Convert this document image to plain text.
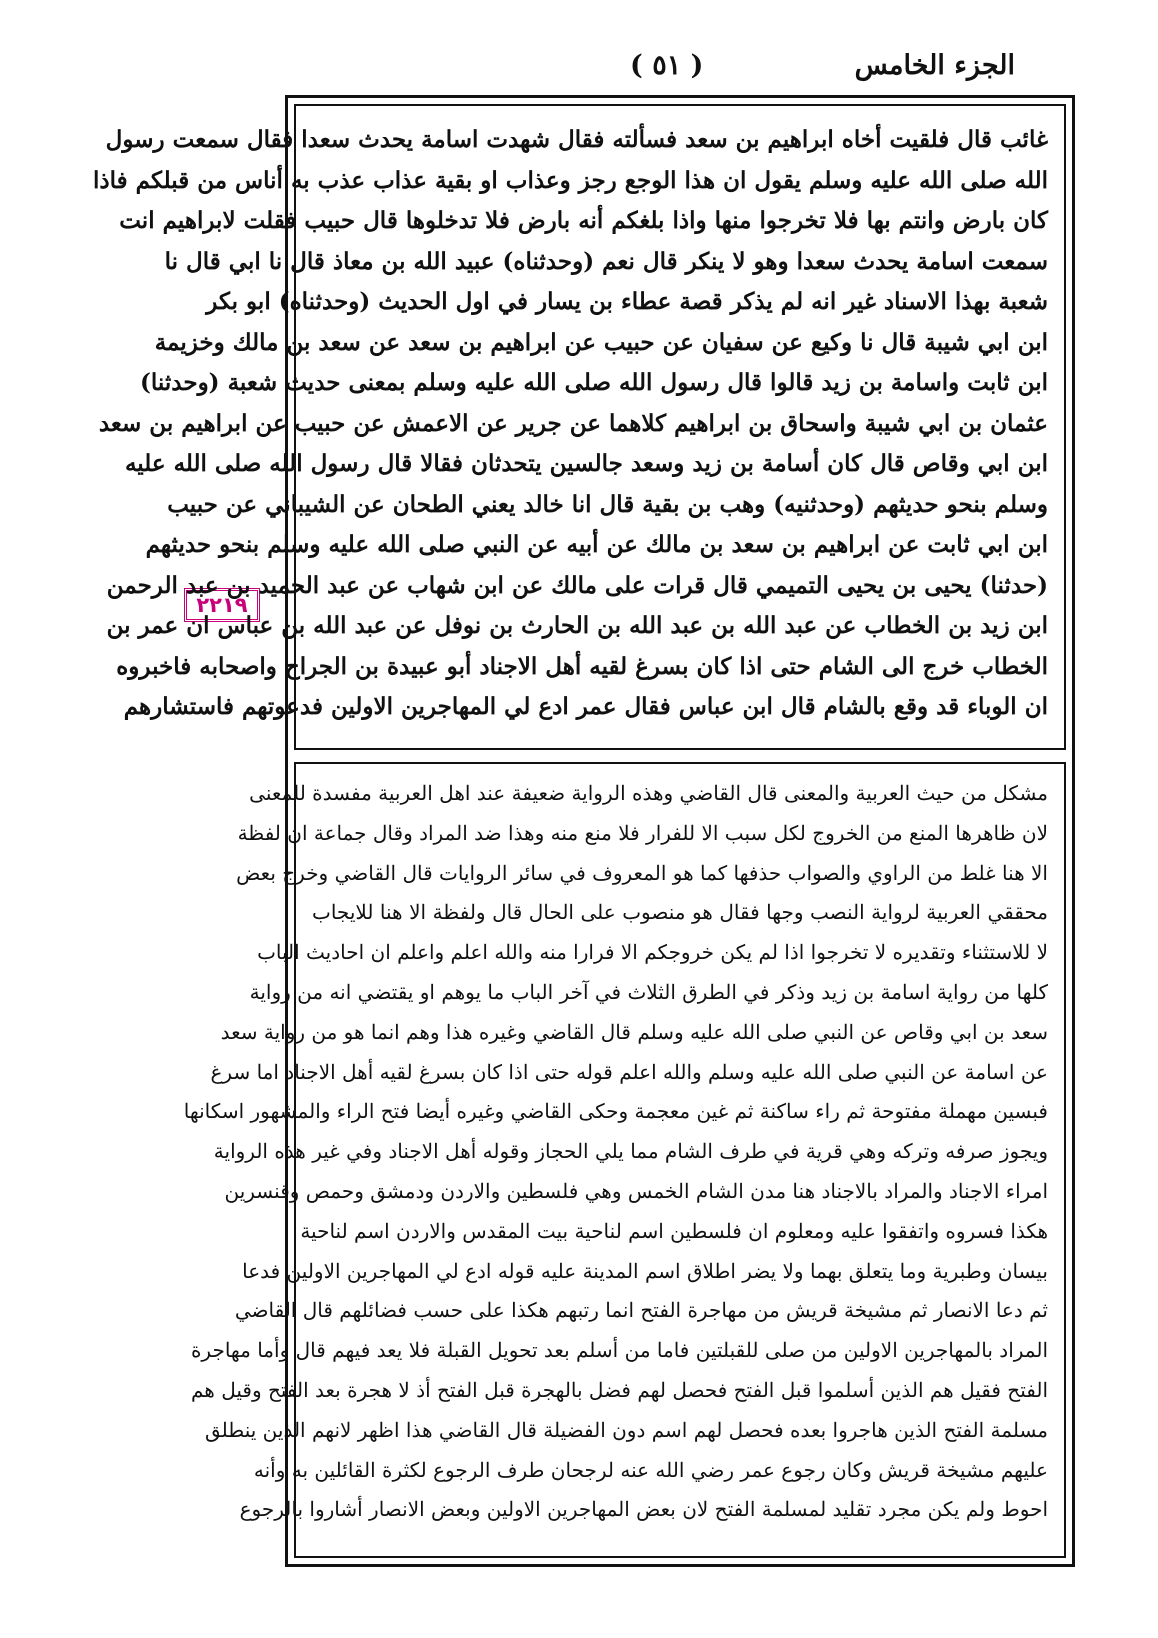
الجزء الخامس
( ٥١ )
٢٢١٩
غائب قال فلقيت أخاه ابراهيم بن سعد فسألته فقال شهدت اسامة يحدث سعدا فقال سمعت رسول
الله صلى الله عليه وسلم يقول ان هذا الوجع رجز وعذاب او بقية عذاب عذب به أناس من قبلكم فاذا
كان بارض وانتم بها فلا تخرجوا منها واذا بلغكم أنه بارض فلا تدخلوها قال حبيب فقلت لابراهيم انت
سمعت اسامة يحدث سعدا وهو لا ينكر قال نعم (وحدثناه) عبيد الله بن معاذ قال نا ابي قال نا
شعبة بهذا الاسناد غير انه لم يذكر قصة عطاء بن يسار في اول الحديث (وحدثناه) ابو بكر
ابن ابي شيبة قال نا وكيع عن سفيان عن حبيب عن ابراهيم بن سعد عن سعد بن مالك وخزيمة
ابن ثابت واسامة بن زيد قالوا قال رسول الله صلى الله عليه وسلم بمعنى حديث شعبة (وحدثنا)
عثمان بن ابي شيبة واسحاق بن ابراهيم كلاهما عن جرير عن الاعمش عن حبيب عن ابراهيم بن سعد
ابن ابي وقاص قال كان أسامة بن زيد وسعد جالسين يتحدثان فقالا قال رسول الله صلى الله عليه
وسلم بنحو حديثهم (وحدثنيه) وهب بن بقية قال انا خالد يعني الطحان عن الشيباني عن حبيب
ابن ابي ثابت عن ابراهيم بن سعد بن مالك عن أبيه عن النبي صلى الله عليه وسلم بنحو حديثهم
(حدثنا) يحيى بن يحيى التميمي قال قرات على مالك عن ابن شهاب عن عبد الحميد بن عبد الرحمن
ابن زيد بن الخطاب عن عبد الله بن عبد الله بن الحارث بن نوفل عن عبد الله بن عباس ان عمر بن
الخطاب خرج الى الشام حتى اذا كان بسرغ لقيه أهل الاجناد أبو عبيدة بن الجراح واصحابه فاخبروه
ان الوباء قد وقع بالشام قال ابن عباس فقال عمر ادع لي المهاجرين الاولين فدعوتهم فاستشارهم
مشكل من حيث العربية والمعنى قال القاضي وهذه الرواية ضعيفة عند اهل العربية مفسدة للمعنى
لان ظاهرها المنع من الخروج لكل سبب الا للفرار فلا منع منه وهذا ضد المراد وقال جماعة ان لفظة
الا هنا غلط من الراوي والصواب حذفها كما هو المعروف في سائر الروايات قال القاضي وخرج بعض
محققي العربية لرواية النصب وجها فقال هو منصوب على الحال قال ولفظة الا هنا للايجاب
لا للاستثناء وتقديره لا تخرجوا اذا لم يكن خروجكم الا فرارا منه والله اعلم واعلم ان احاديث الباب
كلها من رواية اسامة بن زيد وذكر في الطرق الثلاث في آخر الباب ما يوهم او يقتضي انه من رواية
سعد بن ابي وقاص عن النبي صلى الله عليه وسلم قال القاضي وغيره هذا وهم انما هو من رواية سعد
عن اسامة عن النبي صلى الله عليه وسلم والله اعلم قوله حتى اذا كان بسرغ لقيه أهل الاجناد اما سرغ
فبسين مهملة مفتوحة ثم راء ساكنة ثم غين معجمة وحكى القاضي وغيره أيضا فتح الراء والمشهور اسكانها
ويجوز صرفه وتركه وهي قرية في طرف الشام مما يلي الحجاز وقوله أهل الاجناد وفي غير هذه الرواية
امراء الاجناد والمراد بالاجناد هنا مدن الشام الخمس وهي فلسطين والاردن ودمشق وحمص وقنسرين
هكذا فسروه واتفقوا عليه ومعلوم ان فلسطين اسم لناحية بيت المقدس والاردن اسم لناحية
بيسان وطبرية وما يتعلق بهما ولا يضر اطلاق اسم المدينة عليه قوله ادع لي المهاجرين الاولين فدعا
ثم دعا الانصار ثم مشيخة قريش من مهاجرة الفتح انما رتبهم هكذا على حسب فضائلهم قال القاضي
المراد بالمهاجرين الاولين من صلى للقبلتين فاما من أسلم بعد تحويل القبلة فلا يعد فيهم قال وأما مهاجرة
الفتح فقيل هم الذين أسلموا قبل الفتح فحصل لهم فضل بالهجرة قبل الفتح أذ لا هجرة بعد الفتح وقيل هم
مسلمة الفتح الذين هاجروا بعده فحصل لهم اسم دون الفضيلة قال القاضي هذا اظهر لانهم الذين ينطلق
عليهم مشيخة قريش وكان رجوع عمر رضي الله عنه لرجحان طرف الرجوع لكثرة القائلين به وأنه
احوط ولم يكن مجرد تقليد لمسلمة الفتح لان بعض المهاجرين الاولين وبعض الانصار أشاروا بالرجوع
